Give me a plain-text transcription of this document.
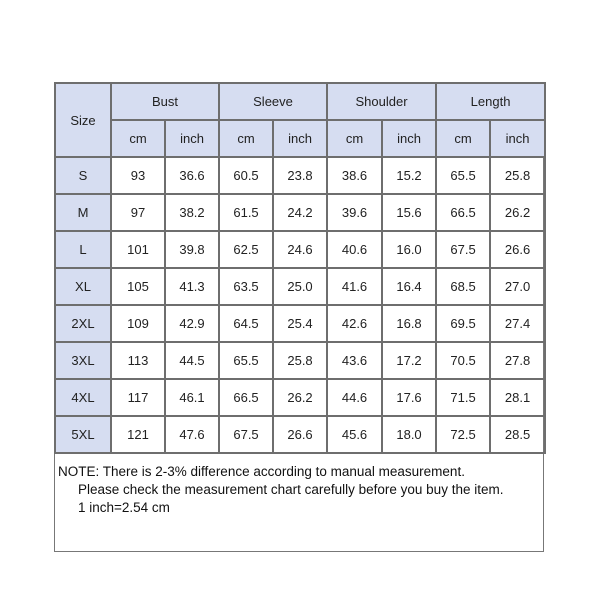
Size	Bust		Sleeve		Shoulder		Length	
	cm	inch	cm	inch	cm	inch	cm	inch
S	93	36.6	60.5	23.8	38.6	15.2	65.5	25.8
M	97	38.2	61.5	24.2	39.6	15.6	66.5	26.2
L	101	39.8	62.5	24.6	40.6	16.0	67.5	26.6
XL	105	41.3	63.5	25.0	41.6	16.4	68.5	27.0
2XL	109	42.9	64.5	25.4	42.6	16.8	69.5	27.4
3XL	113	44.5	65.5	25.8	43.6	17.2	70.5	27.8
4XL	117	46.1	66.5	26.2	44.6	17.6	71.5	28.1
5XL	121	47.6	67.5	26.6	45.6	18.0	72.5	28.5
NOTE: There is 2-3% difference according to manual measurement.
Please check the measurement chart carefully before you buy the item.
1 inch=2.54 cm
